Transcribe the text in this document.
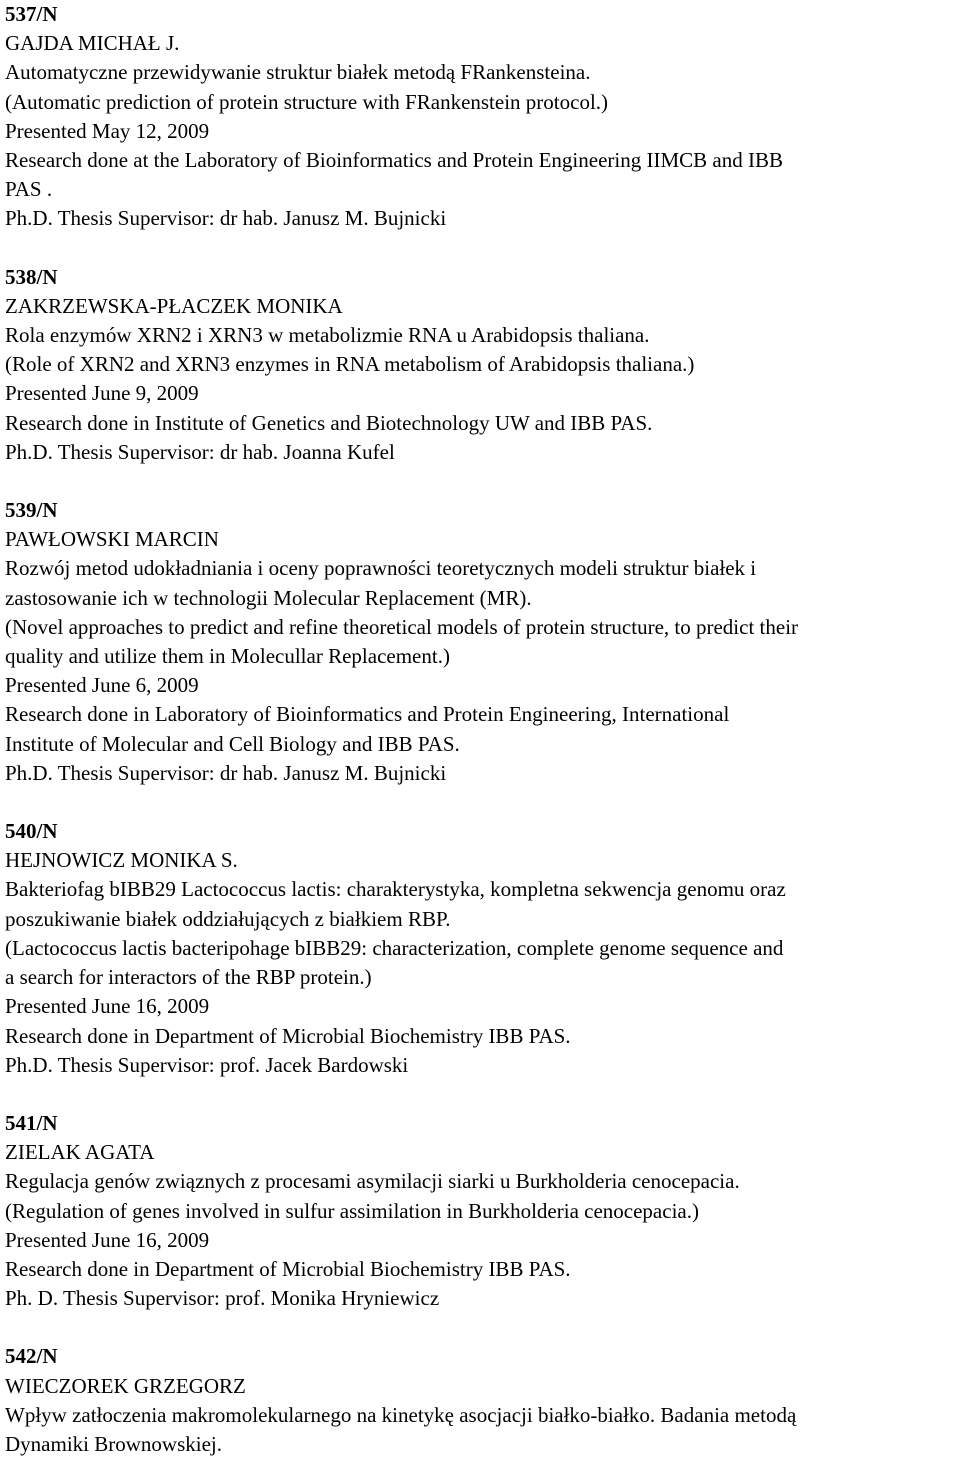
537/N
GAJDA MICHAŁ J.
Automatyczne przewidywanie struktur białek metodą FRankensteina.
(Automatic prediction of protein structure with FRankenstein protocol.)
Presented May 12, 2009
Research done at the Laboratory of Bioinformatics and Protein Engineering IIMCB and IBB
PAS .
Ph.D. Thesis Supervisor: dr hab. Janusz M. Bujnicki
538/N
ZAKRZEWSKA-PŁACZEK MONIKA
Rola enzymów XRN2 i XRN3 w metabolizmie RNA u Arabidopsis thaliana.
(Role of XRN2 and XRN3 enzymes in RNA metabolism of Arabidopsis thaliana.)
Presented June 9, 2009
Research done in Institute of Genetics and Biotechnology UW and IBB PAS.
Ph.D. Thesis Supervisor: dr hab. Joanna Kufel
539/N
PAWŁOWSKI MARCIN
Rozwój metod udokładniania i oceny poprawności teoretycznych modeli struktur białek i
zastosowanie ich w technologii Molecular Replacement (MR).
(Novel approaches to predict and refine theoretical models of protein structure, to predict their
quality and utilize them in Molecullar Replacement.)
Presented June 6, 2009
Research done in Laboratory of Bioinformatics and Protein Engineering, International
Institute of Molecular and Cell Biology and IBB PAS.
Ph.D. Thesis Supervisor: dr hab. Janusz M. Bujnicki
540/N
HEJNOWICZ MONIKA S.
Bakteriofag bIBB29 Lactococcus lactis: charakterystyka, kompletna sekwencja genomu oraz
poszukiwanie białek oddziałujących z białkiem RBP.
(Lactococcus lactis bacteripohage bIBB29: characterization, complete genome sequence and
a search for interactors of the RBP protein.)
Presented June 16, 2009
Research done in Department of Microbial Biochemistry IBB PAS.
Ph.D. Thesis Supervisor: prof. Jacek Bardowski
541/N
ZIELAK AGATA
Regulacja genów związnych z procesami asymilacji siarki u Burkholderia cenocepacia.
(Regulation of genes involved in sulfur assimilation in Burkholderia cenocepacia.)
Presented June 16, 2009
Research done in Department of Microbial Biochemistry IBB PAS.
Ph. D. Thesis Supervisor: prof. Monika Hryniewicz
542/N
WIECZOREK GRZEGORZ
Wpływ zatłoczenia makromolekularnego na kinetykę asocjacji białko-białko. Badania metodą
Dynamiki Brownowskiej.
